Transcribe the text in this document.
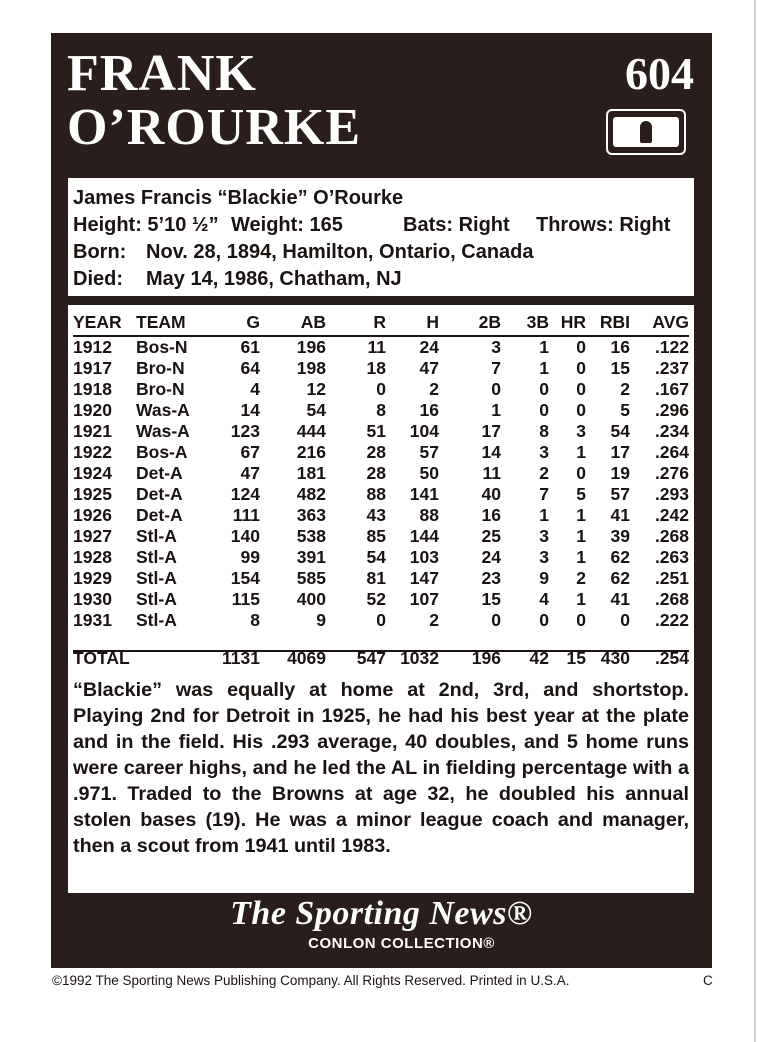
FRANK
O’ROURKE
604
James Francis “Blackie” O’Rourke
Height: 5’10 ½” Weight: 165	Bats: Right Throws: Right
Born: Nov. 28, 1894, Hamilton, Ontario, Canada
Died: May 14, 1986, Chatham, NJ
YEAR TEAM	G AB	R H 2B 3B HR RBI AVG
1912 Bos-N	61 196 11 24	3 1 0 16 .122
1917 Bro-N	64 198 18 47	7 1 0 15 .237
1918 Bro-N	4	12	0 2	0 0 0 2 .167
1920 Was-A	14	54	8 16	1 0 0 5 .296
1921 Was-A 123 444 51 104 17 8 3 54 .234
1922 Bos-A	67 216 28 57 14 3 1 17 .264
1924 Det-A	47 181 28 50 11 2 0 19 .276
1925 Det-A	124 482 88 141 40 7 5 57 .293
1926 Det-A	111 363 43 88 16 1 1 41 .242
1927 Stl-A	140 538 85 144 25 3 1 39 .268
1928 Stl-A	99 391 54 103 24 3 1 62 .263
1929 Stl-A	154 585 81 147 23 9 2 62 .251
1930 Stl-A	115 400 52 107 15 4 1 41 .268
1931 Stl-A	8	9	0 2	0 0 0 0 .222
TOTAL	1131 4069 547 1032 196 42 15 430 .254
“Blackie” was equally at home at 2nd, 3rd, and shortstop. Playing 2nd for Detroit in 1925, he had his best year at the plate and in the field. His .293 average, 40 doubles, and 5 home runs were career highs, and he led the AL in fielding percentage with a .971. Traded to the Browns at age 32, he doubled his annual stolen bases (19). He was a minor league coach and manager, then a scout from 1941 until 1983.
The Sporting News®
CONLON COLLECTION®
©1992 The Sporting News Publishing Company. All Rights Reserved. Printed in U.S.A.	C
